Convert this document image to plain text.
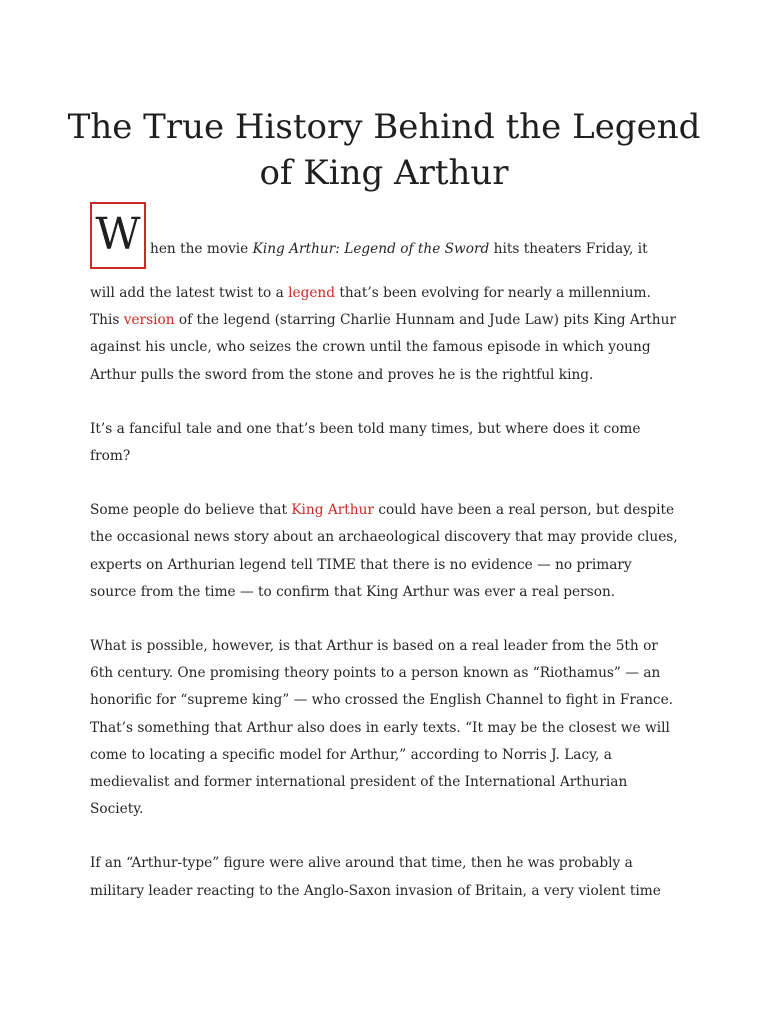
The True History Behind the Legend of King Arthur
W hen the movie King Arthur: Legend of the Sword hits theaters Friday, it

will add the latest twist to a legend that’s been evolving for nearly a millennium. This version of the legend (starring Charlie Hunnam and Jude Law) pits King Arthur against his uncle, who seizes the crown until the famous episode in which young Arthur pulls the sword from the stone and proves he is the rightful king.

It’s a fanciful tale and one that’s been told many times, but where does it come from?

Some people do believe that King Arthur could have been a real person, but despite the occasional news story about an archaeological discovery that may provide clues, experts on Arthurian legend tell TIME that there is no evidence — no primary source from the time — to confirm that King Arthur was ever a real person.

What is possible, however, is that Arthur is based on a real leader from the 5th or 6th century. One promising theory points to a person known as “Riothamus” — an honorific for “supreme king” — who crossed the English Channel to fight in France. That’s something that Arthur also does in early texts. “It may be the closest we will come to locating a specific model for Arthur,” according to Norris J. Lacy, a medievalist and former international president of the International Arthurian Society.

If an “Arthur-type” figure were alive around that time, then he was probably a military leader reacting to the Anglo-Saxon invasion of Britain, a very violent time
